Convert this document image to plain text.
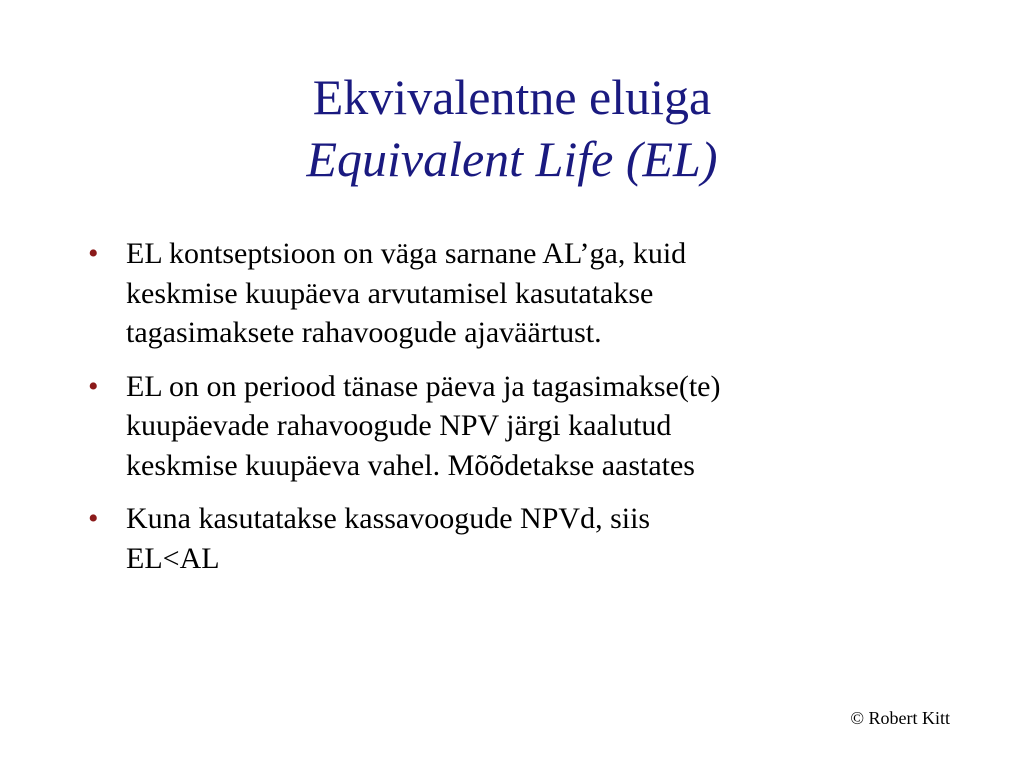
Ekvivalentne eluiga
Equivalent Life (EL)
• EL kontseptsioon on väga sarnane AL’ga, kuid
keskmise kuupäeva arvutamisel kasutatakse
tagasimaksete rahavoogude ajaväärtust.
• EL on on periood tänase päeva ja tagasimakse(te)
kuupäevade rahavoogude NPV järgi kaalutud
keskmise kuupäeva vahel. Mõõdetakse aastates
• Kuna kasutatakse kassavoogude NPVd, siis
EL<AL
© Robert Kitt
